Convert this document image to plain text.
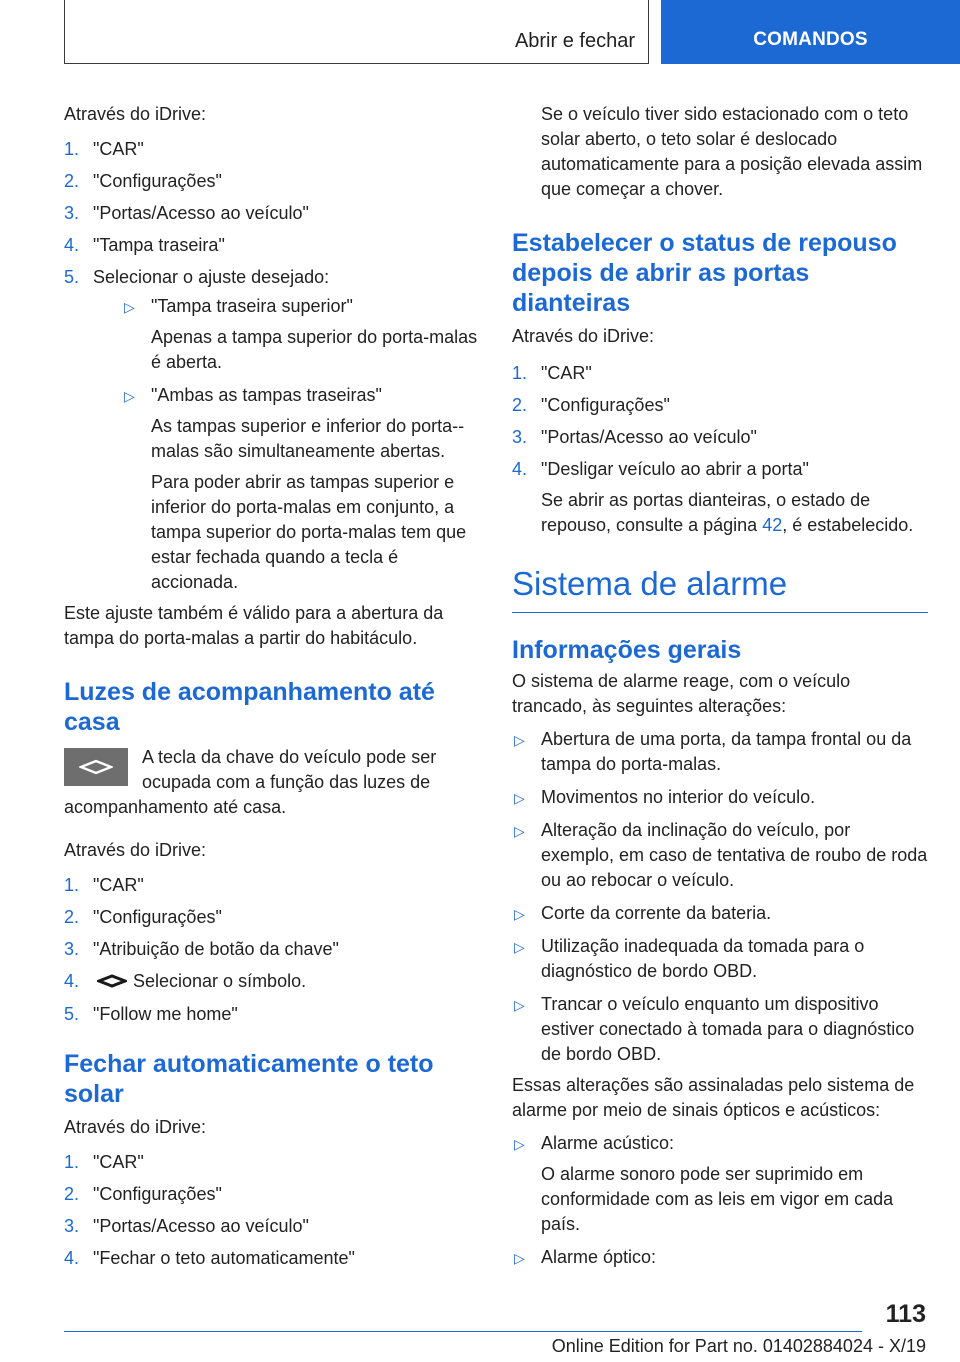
Abrir e fechar	COMANDOS

Através do iDrive:

1. "CAR"
2. "Configurações"
3. "Portas/Acesso ao veículo"
4. "Tampa traseira"
5. Selecionar o ajuste desejado:
▷ "Tampa traseira superior"
Apenas a tampa superior do porta-malas é aberta.
▷ "Ambas as tampas traseiras"
As tampas superior e inferior do porta--malas são simultaneamente abertas.
Para poder abrir as tampas superior e inferior do porta-malas em conjunto, a tampa superior do porta-malas tem que estar fechada quando a tecla é accionada.

Este ajuste também é válido para a abertura da tampa do porta-malas a partir do habitáculo.

Luzes de acompanhamento até casa

A tecla da chave do veículo pode ser ocupada com a função das luzes de acompanhamento até casa.

Através do iDrive:

1. "CAR"
2. "Configurações"
3. "Atribuição de botão da chave"
4.	Selecionar o símbolo.
5. "Follow me home"
Fechar automaticamente o teto solar

Através do iDrive:

1. "CAR"
2. "Configurações"
3. "Portas/Acesso ao veículo"
4. "Fechar o teto automaticamente"

Se o veículo tiver sido estacionado com o teto solar aberto, o teto solar é deslocado automaticamente para a posição elevada assim que começar a chover.

Estabelecer o status de repouso depois de abrir as portas dianteiras

Através do iDrive:

1. "CAR"
2. "Configurações"
3. "Portas/Acesso ao veículo"
4. "Desligar veículo ao abrir a porta"
Se abrir as portas dianteiras, o estado de repouso, consulte a página 42, é estabelecido.
Sistema de alarme
Informações gerais

O sistema de alarme reage, com o veículo trancado, às seguintes alterações:

▷ Abertura de uma porta, da tampa frontal ou da tampa do porta-malas.
▷ Movimentos no interior do veículo.
▷ Alteração da inclinação do veículo, por exemplo, em caso de tentativa de roubo de roda ou ao rebocar o veículo.
▷ Corte da corrente da bateria.
▷ Utilização inadequada da tomada para o diagnóstico de bordo OBD.
▷ Trancar o veículo enquanto um dispositivo estiver conectado à tomada para o diagnóstico de bordo OBD.

Essas alterações são assinaladas pelo sistema de alarme por meio de sinais ópticos e acústicos:

▷ Alarme acústico:
O alarme sonoro pode ser suprimido em conformidade com as leis em vigor em cada país.
▷ Alarme óptico:
113
Online Edition for Part no. 01402884024 - X/19
